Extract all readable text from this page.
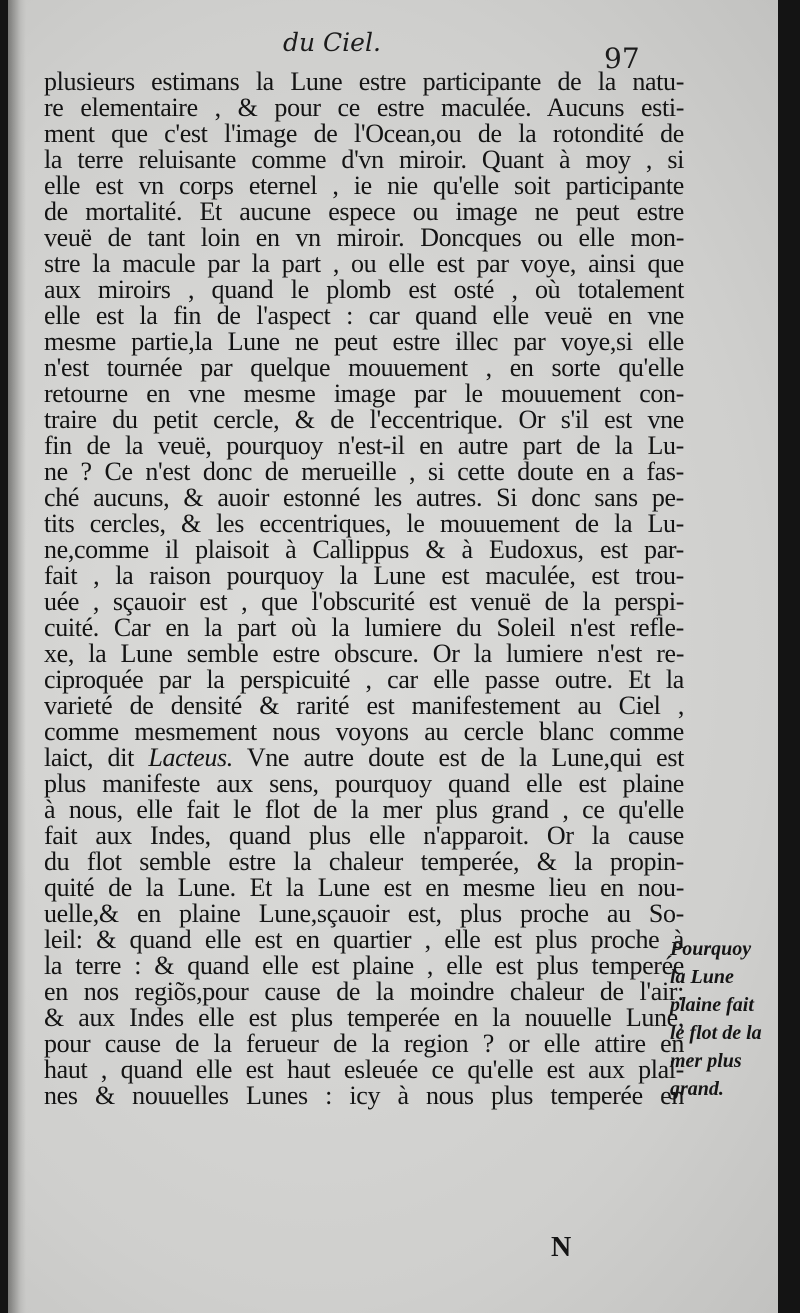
du Ciel.	97
plusieurs estimans la Lune estre participante de la natu-
re elementaire , & pour ce estre maculée. Aucuns esti-
ment que c'est l'image de l'Ocean,ou de la rotondité de
la terre reluisante comme d'vn miroir. Quant à moy , si
elle est vn corps eternel , ie nie qu'elle soit participante
de mortalité. Et aucune espece ou image ne peut estre
veuë de tant loin en vn miroir. Doncques ou elle mon-
stre la macule par la part , ou elle est par voye, ainsi que
aux miroirs , quand le plomb est osté , où totalement
elle est la fin de l'aspect : car quand elle veuë en vne
mesme partie,la Lune ne peut estre illec par voye,si elle
n'est tournée par quelque mouuement , en sorte qu'elle
retourne en vne mesme image par le mouuement con-
traire du petit cercle, & de l'eccentrique. Or s'il est vne
fin de la veuë, pourquoy n'est-il en autre part de la Lu-
ne ? Ce n'est donc de merueille , si cette doute en a fas-
ché aucuns, & auoir estonné les autres. Si donc sans pe-
tits cercles, & les eccentriques, le mouuement de la Lu-
ne,comme il plaisoit à Callippus & à Eudoxus, est par-
fait , la raison pourquoy la Lune est maculée, est trou-
uée , sçauoir est , que l'obscurité est venuë de la perspi-
cuité. Car en la part où la lumiere du Soleil n'est refle-
xe, la Lune semble estre obscure. Or la lumiere n'est re-
ciproquée par la perspicuité , car elle passe outre. Et la
varieté de densité & rarité est manifestement au Ciel ,
comme mesmement nous voyons au cercle blanc comme
laict, dit Lacteus. Vne autre doute est de la Lune,qui est
plus manifeste aux sens, pourquoy quand elle est plaine
à nous, elle fait le flot de la mer plus grand , ce qu'elle
fait aux Indes, quand plus elle n'apparoit. Or la cause
du flot semble estre la chaleur temperée, & la propin-
quité de la Lune. Et la Lune est en mesme lieu en nou-
uelle,& en plaine Lune,sçauoir est, plus proche au So-
leil: & quand elle est en quartier , elle est plus proche à
la terre : & quand elle est plaine , elle est plus temperée
en nos regiõs,pour cause de la moindre chaleur de l'air:
& aux Indes elle est plus temperée en la nouuelle Lune,
pour cause de la ferueur de la region ? or elle attire en
haut , quand elle est haut esleuée ce qu'elle est aux plai-
nes & nouuelles Lunes : icy à nous plus temperée en
Pourquoy
la Lune
plaine fait
le flot de la
mer plus
grand.
N
